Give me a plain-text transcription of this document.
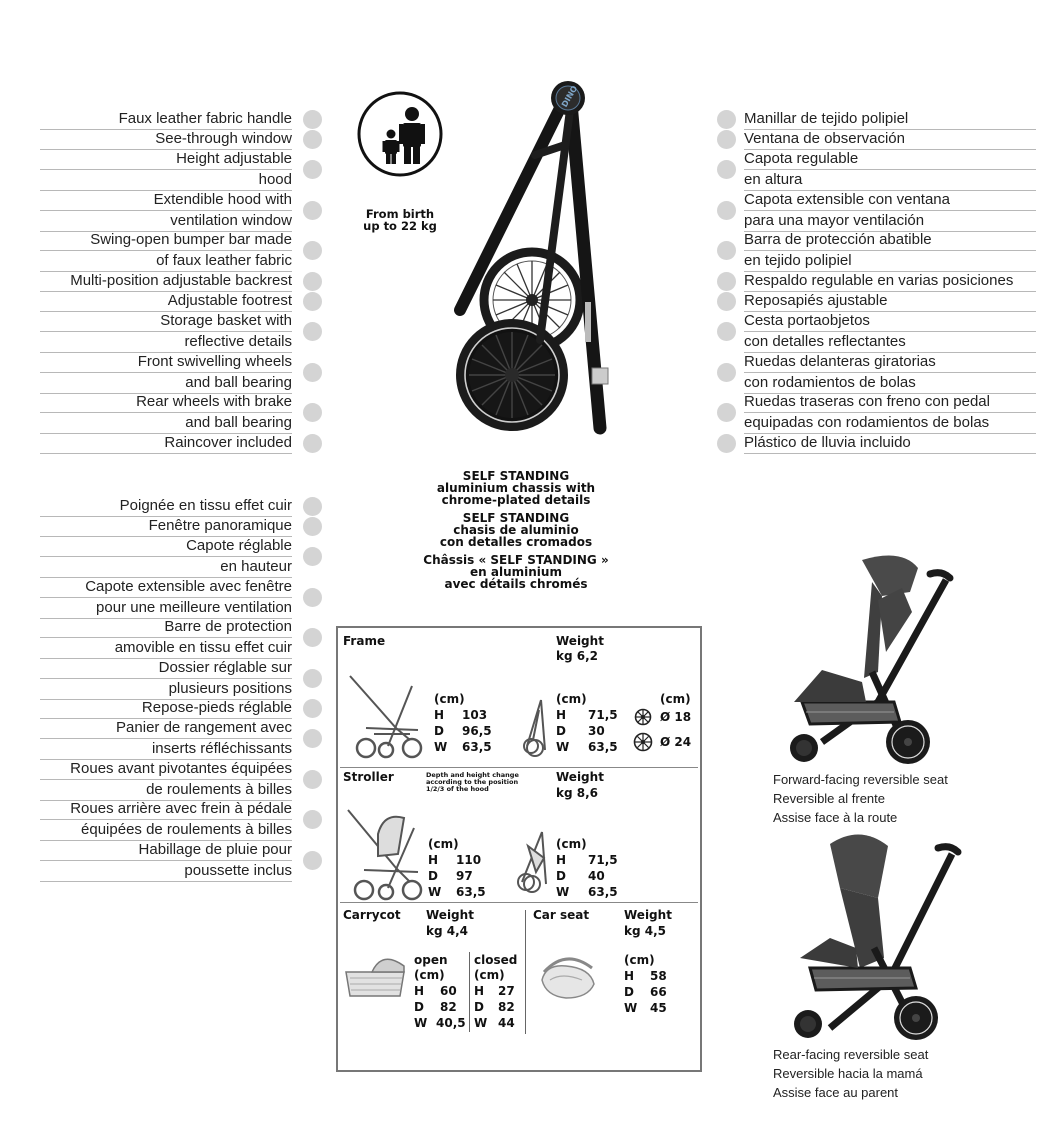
Faux leather fabric handle
See-through window
Height adjustable
hood
Extendible hood with
ventilation window
Swing-open bumper bar made
of faux leather fabric
Multi-position adjustable backrest
Adjustable footrest
Storage basket with
reflective details
Front swivelling wheels
and ball bearing
Rear wheels with brake
and ball bearing
Raincover included
Manillar de tejido polipiel
Ventana de observación
Capota regulable
en altura
Capota extensible con ventana
para una mayor ventilación
Barra de protección abatible
en tejido polipiel
Respaldo regulable en varias posiciones
Reposapiés ajustable
Cesta portaobjetos
con detalles reflectantes
Ruedas delanteras giratorias
con rodamientos de bolas
Ruedas traseras con freno con pedal
equipadas con rodamientos de bolas
Plástico de lluvia incluido
Poignée en tissu effet cuir
Fenêtre panoramique
Capote réglable
en hauteur
Capote extensible avec fenêtre
pour une meilleure ventilation
Barre de protection
amovible en tissu effet cuir
Dossier réglable sur
plusieurs positions
Repose-pieds réglable
Panier de rangement avec
inserts réfléchissants
Roues avant pivotantes équipées
de roulements à billes
Roues arrière avec frein à pédale
équipées de roulements à billes
Habillage de pluie pour
poussette inclus
From birth
up to 22 kg
DINO
SELF STANDING
aluminium chassis with
chrome-plated details
SELF STANDING
chasis de aluminio
con detalles cromados
Châssis « SELF STANDING »
en aluminium
avec détails chromés
Frame	Weight
kg 6,2
(cm)
H 103
D 96,5
W 63,5
(cm)
H 71,5
D 30
W 63,5
(cm)
Ø 18
Ø 24
Stroller	Depth and height change
according to the position
1/2/3 of the hood
Weight
kg 8,6
(cm)
H 110
D 97
W 63,5
(cm)
H 71,5
D 40
W 63,5
Carrycot Weight
kg 4,4
open
(cm)
H 60
D 82
W 40,5
closed
(cm)
H 27
D 82
W 44
Car seat	Weight
kg 4,5
(cm)
H 58
D 66
W 45
Forward-facing reversible seat
Reversible al frente
Assise face à la route
Rear-facing reversible seat
Reversible hacia la mamá
Assise face au parent
